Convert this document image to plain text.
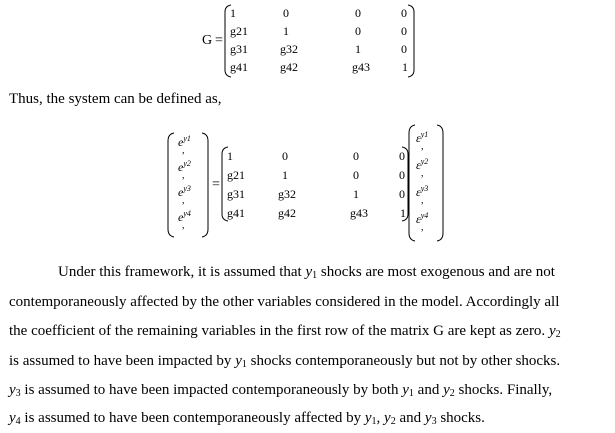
G =
1	0	0	0
g21	1	0	0
g31	g32	1	0
g41	g42	g43	1
Thus, the system can be defined as,
$e^{y1}$
,
$e^{y2}$
,
$e^{y3}$
,
$e^{y4}$
,
=
1	0	0	0
g21	1	0	0
g31	g32	1	0
g41	g42	g43	1
$\varepsilon^{y1}$
,
$\varepsilon^{y2}$
,
$\varepsilon^{y3}$
,
$\varepsilon^{y4}$
,
Under this framework, it is assumed that $y_1$ shocks are most exogenous and are not
contemporaneously affected by the other variables considered in the model. Accordingly all
the coefficient of the remaining variables in the first row of the matrix G are kept as zero. $y_2$
is assumed to have been impacted by $y_1$ shocks contemporaneously but not by other shocks.
$y_3$ is assumed to have been impacted contemporaneously by both $y_1$ and $y_2$ shocks. Finally,
$y_4$ is assumed to have been contemporaneously affected by $y_1$, $y_2$ and $y_3$ shocks.
